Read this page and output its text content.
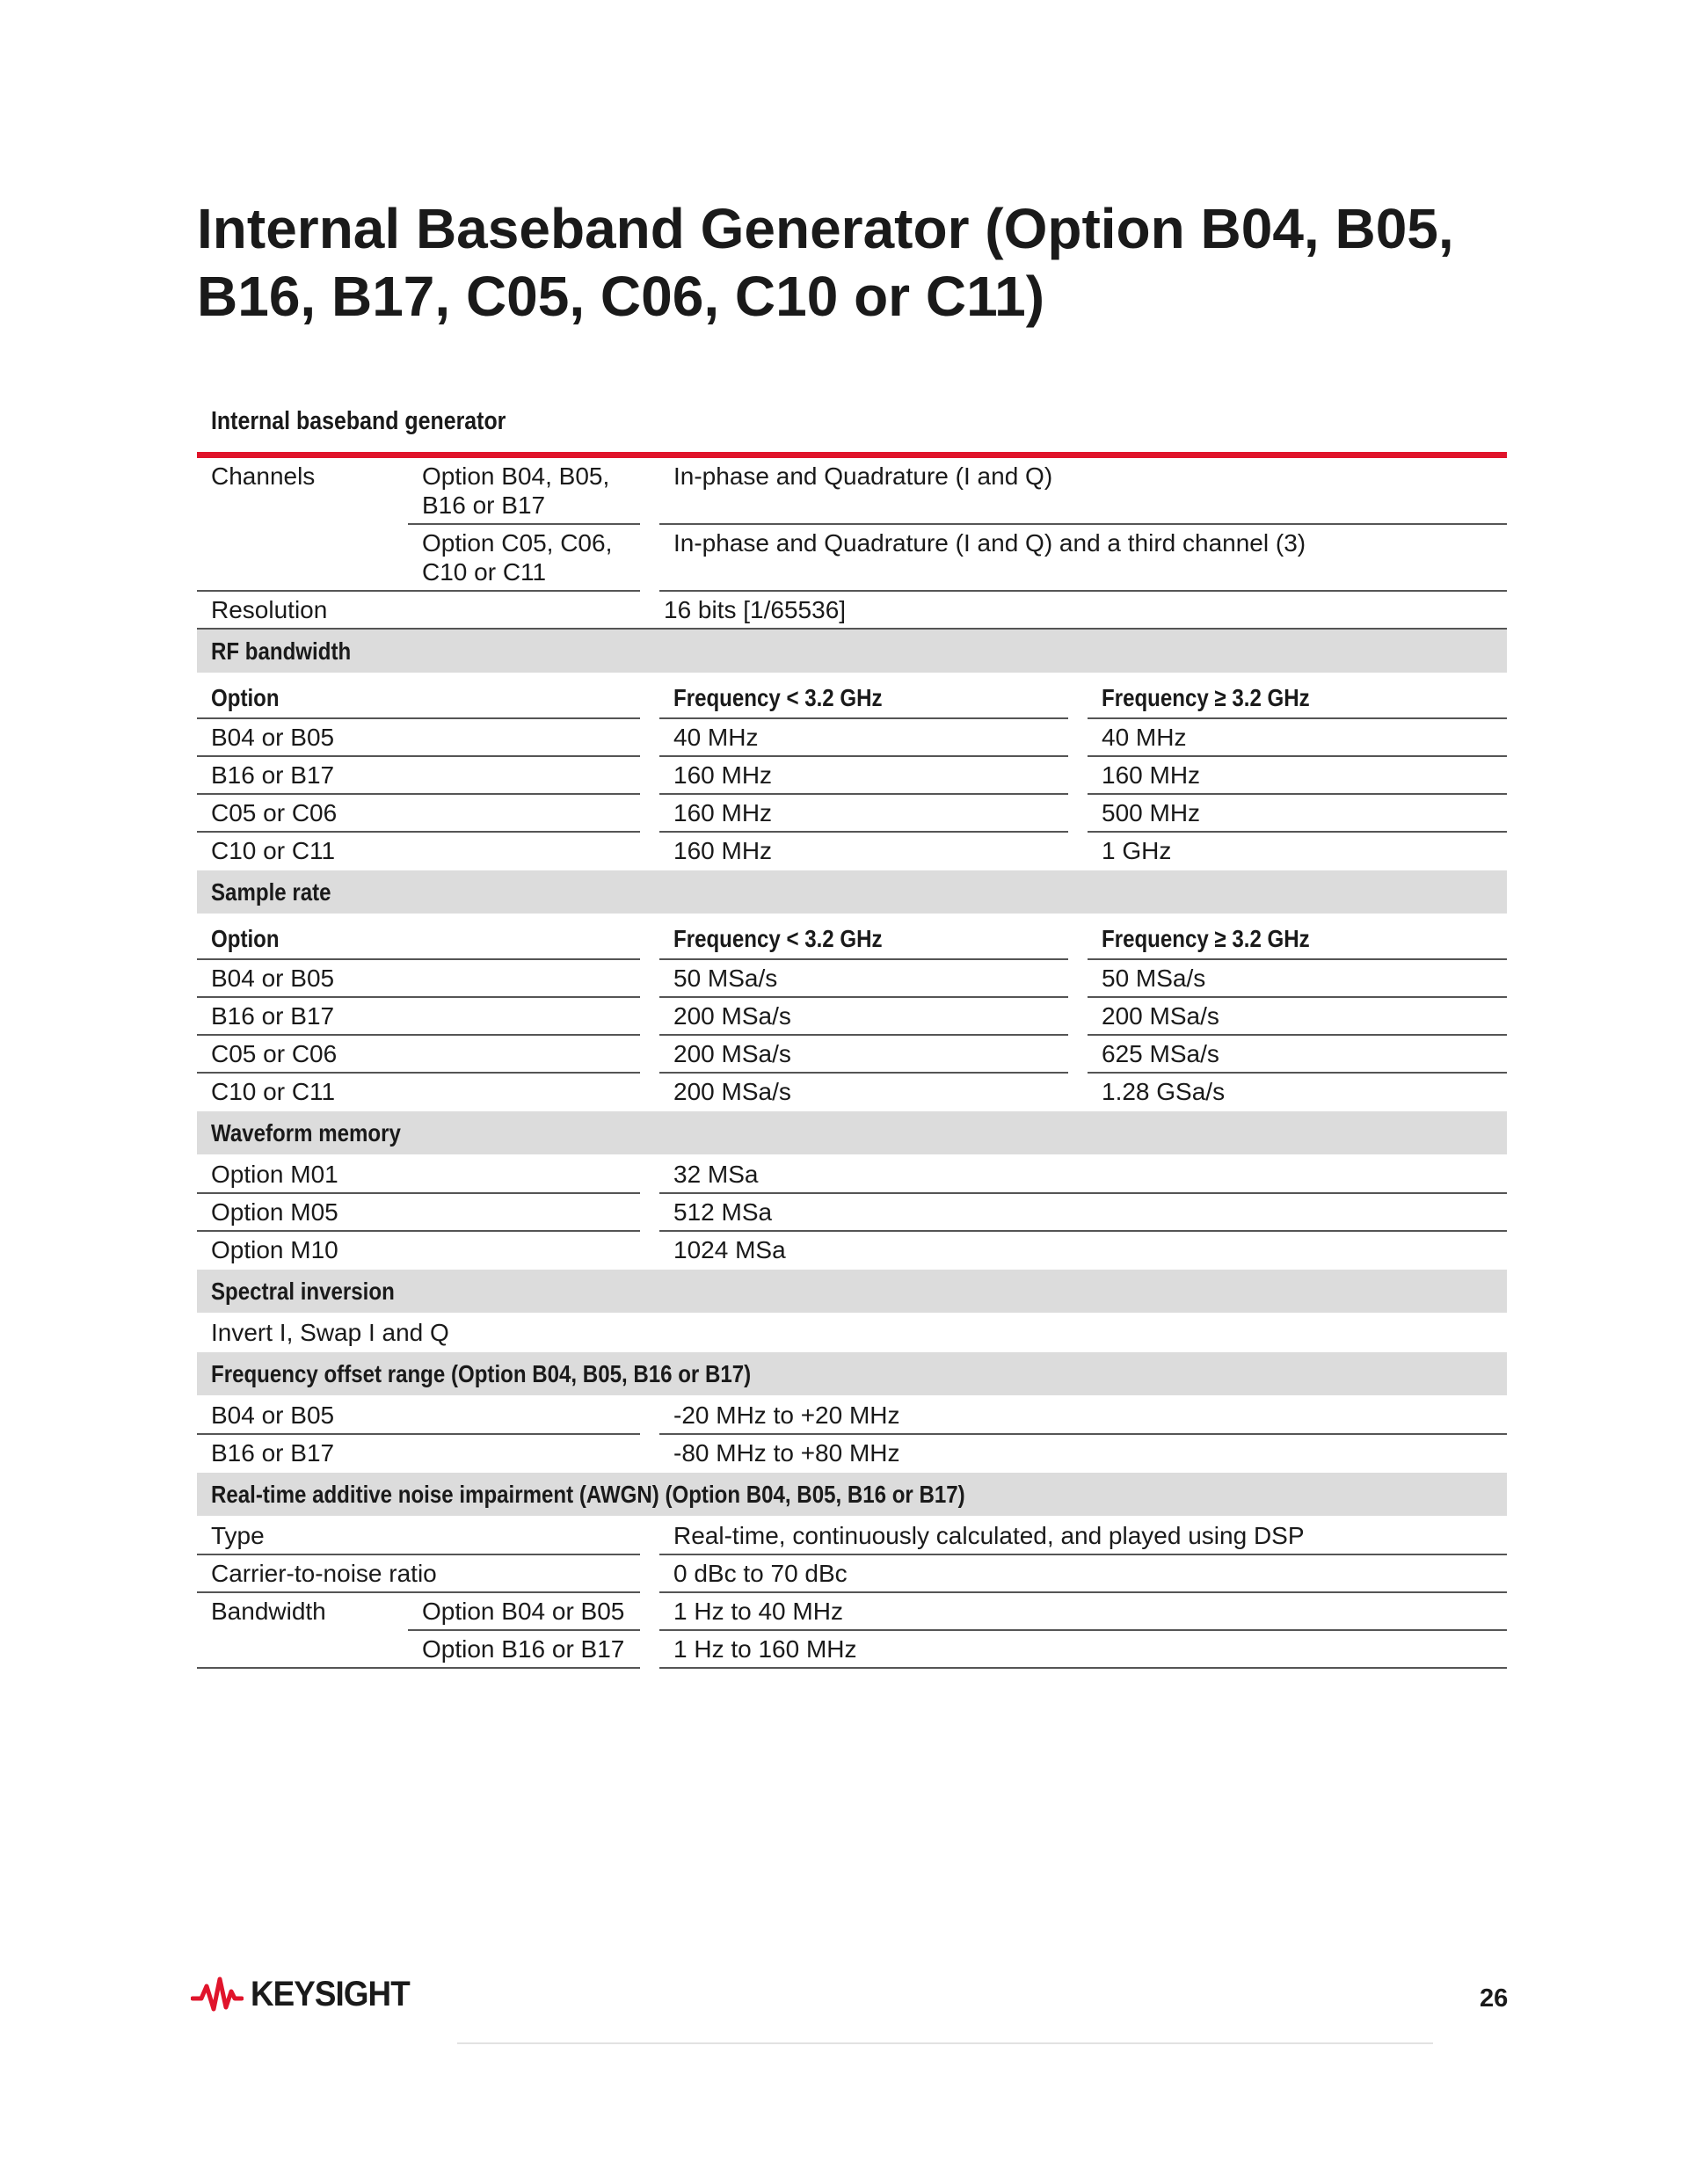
Internal Baseband Generator (Option B04, B05, B16, B17, C05, C06, C10 or C11)
Internal baseband generator
Channels	Option B04, B05, B16 or B17	In-phase and Quadrature (I and Q)	
	Option C05, C06, C10 or C11	In-phase and Quadrature (I and Q) and a third channel (3)	
Resolution		16 bits [1/65536]	
RF bandwidth			
Option		Frequency < 3.2 GHz	Frequency ≥ 3.2 GHz
B04 or B05		40 MHz	40 MHz
B16 or B17		160 MHz	160 MHz
C05 or C06		160 MHz	500 MHz
C10 or C11		160 MHz	1 GHz
Sample rate			
Option		Frequency < 3.2 GHz	Frequency ≥ 3.2 GHz
B04 or B05		50 MSa/s	50 MSa/s
B16 or B17		200 MSa/s	200 MSa/s
C05 or C06		200 MSa/s	625 MSa/s
C10 or C11		200 MSa/s	1.28 GSa/s
Waveform memory			
Option M01		32 MSa	
Option M05		512 MSa	
Option M10		1024 MSa	
Spectral inversion			
Invert I, Swap I and Q			
Frequency offset range (Option B04, B05, B16 or B17)			
B04 or B05		-20 MHz to +20 MHz	
B16 or B17		-80 MHz to +80 MHz	
Real-time additive noise impairment (AWGN) (Option B04, B05, B16 or B17)			
Type		Real-time, continuously calculated, and played using DSP	
Carrier-to-noise ratio		0 dBc to 70 dBc	
Bandwidth	Option B04 or B05	1 Hz to 40 MHz	
	Option B16 or B17	1 Hz to 160 MHz	
KEYSIGHT	26
